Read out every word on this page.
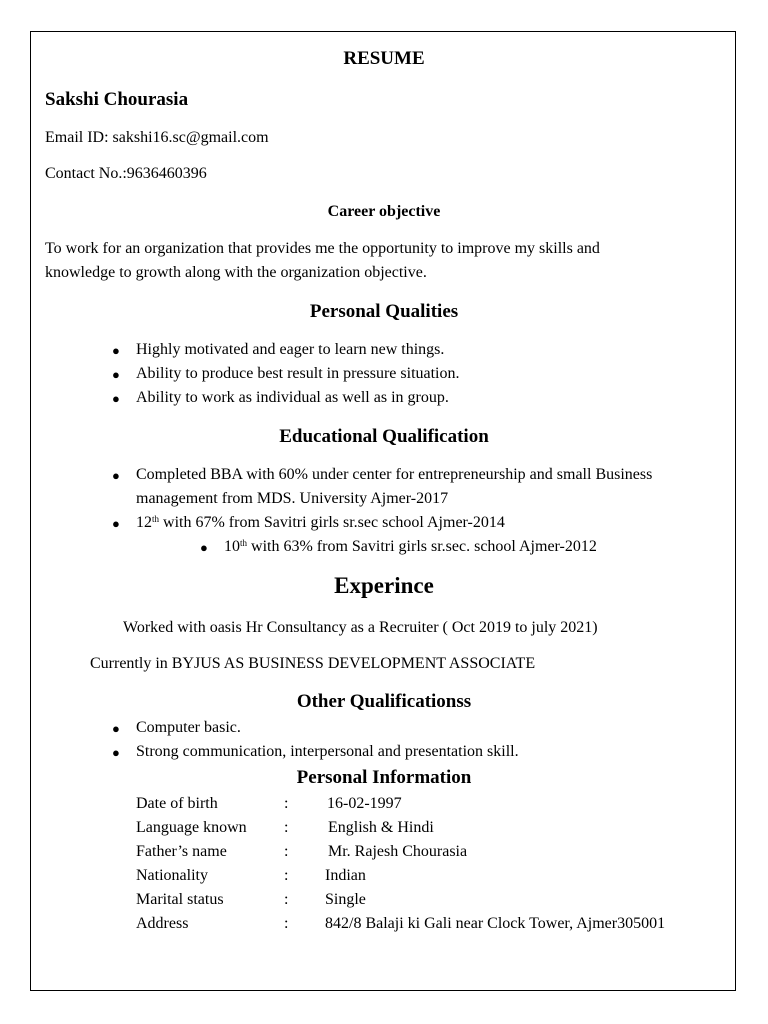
RESUME
Sakshi Chourasia
Email ID: sakshi16.sc@gmail.com
Contact No.:9636460396
Career objective
To work for an organization that provides me the opportunity to improve my skills and
knowledge to growth along with the organization objective.
Personal Qualities
● Highly motivated and eager to learn new things.
● Ability to produce best result in pressure situation.
● Ability to work as individual as well as in group.
Educational Qualification
● Completed BBA with 60% under center for entrepreneurship and small Business
management from MDS. University Ajmer-2017
● 12th with 67% from Savitri girls sr.sec school Ajmer-2014
● 10th with 63% from Savitri girls sr.sec. school Ajmer-2012
Experince
Worked with oasis Hr Consultancy as a Recruiter ( Oct 2019 to july 2021)
Currently in BYJUS AS BUSINESS DEVELOPMENT ASSOCIATE
Other Qualificationss
● Computer basic.
● Strong communication, interpersonal and presentation skill.
Personal Information
Date of birth	: 16-02-1997
Language known : English & Hindi
Father’s name	: Mr. Rajesh Chourasia
Nationality	: Indian
Marital status	: Single
Address	: 842/8 Balaji ki Gali near Clock Tower, Ajmer305001
